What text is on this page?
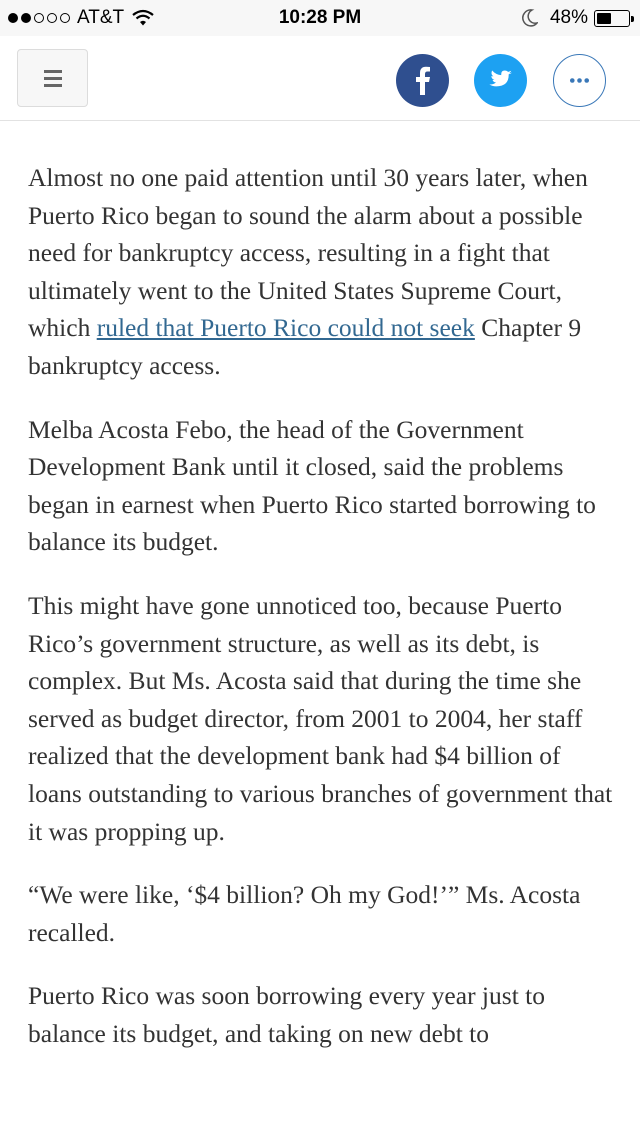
AT&T	10:28 PM	48%

Almost no one paid attention until 30 years later, when Puerto Rico began to sound the alarm about a possible need for bankruptcy access, resulting in a fight that ultimately went to the United States Supreme Court, which ruled that Puerto Rico could not seek Chapter 9 bankruptcy access.

Melba Acosta Febo, the head of the Government Development Bank until it closed, said the problems began in earnest when Puerto Rico started borrowing to balance its budget.

This might have gone unnoticed too, because Puerto Rico’s government structure, as well as its debt, is complex. But Ms. Acosta said that during the time she served as budget director, from 2001 to 2004, her staff realized that the development bank had $4 billion of loans outstanding to various branches of government that it was propping up.

“We were like, ‘$4 billion? Oh my God!’” Ms. Acosta recalled.

Puerto Rico was soon borrowing every year just to balance its budget, and taking on new debt to
